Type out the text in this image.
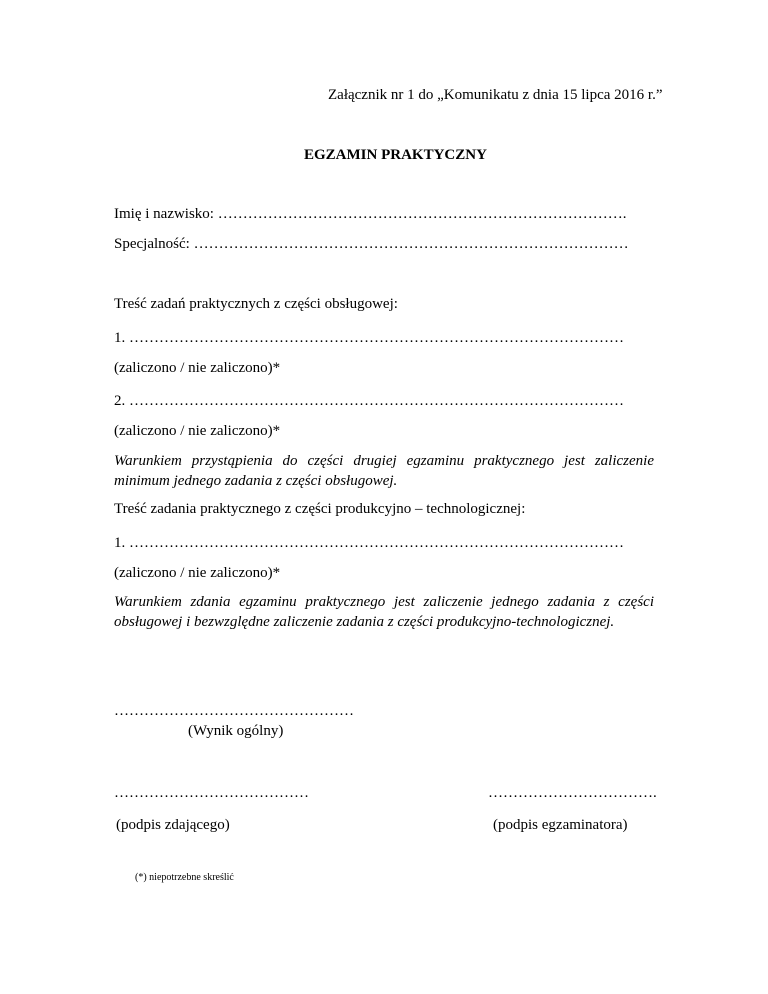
Załącznik nr 1 do „Komunikatu z dnia 15 lipca 2016 r.”
EGZAMIN PRAKTYCZNY
Imię i nazwisko: ……………………………………………………………………….
Specjalność: ……………………………………………………………………………
Treść zadań praktycznych z części obsługowej:
1. ………………………………………………………………………………………
(zaliczono / nie zaliczono)*
2. ………………………………………………………………………………………
(zaliczono / nie zaliczono)*
Warunkiem przystąpienia do części drugiej egzaminu praktycznego jest zaliczenie minimum jednego zadania z części obsługowej.
Treść zadania praktycznego z części produkcyjno – technologicznej:
1. ………………………………………………………………………………………
(zaliczono / nie zaliczono)*
Warunkiem zdania egzaminu praktycznego jest zaliczenie jednego zadania z części obsługowej i bezwzględne zaliczenie zadania z części produkcyjno-technologicznej.
…………………………………………
(Wynik ogólny)
…………………………………
(podpis zdającego)
…………………………….
(podpis egzaminatora)
(*) niepotrzebne skreślić
